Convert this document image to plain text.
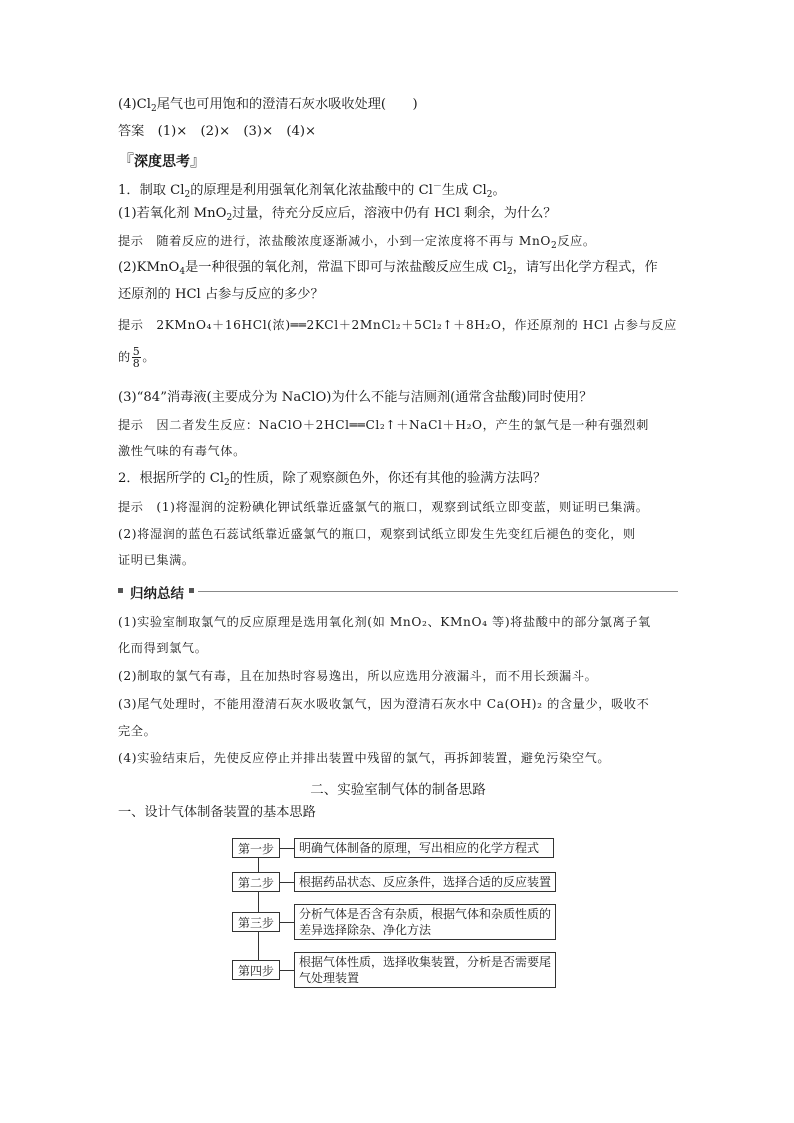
$(4)Cl_2$尾气也可用饱和的澄清石灰水吸收处理(　　)
答案　 (1)×　(2)×　(3)×　(4)×
『深度思考』
1．制取 $Cl_2$的原理是利用强氧化剂氧化浓盐酸中的 Cl－生成 $Cl_2$。
(1)若氧化剂 MnO$_2$过量，待充分反应后，溶液中仍有 HCl 剩余，为什么？
提示　 随着反应的进行，浓盐酸浓度逐渐减小，小到一定浓度将不再与 MnO$_2$反应。
(2)KMnO$_4$是一种很强的氧化剂，常温下即可与浓盐酸反应生成 $Cl_2$，请写出化学方程式，作
还原剂的 HCl 占参与反应的多少？
提示　 2KMnO₄＋16HCl(浓)══2KCl＋2MnCl₂＋5Cl₂↑＋8H₂O，作还原剂的 HCl 占参与反应
的 $\frac{5}{8}$ 。
(3)“84”消毒液(主要成分为 NaClO)为什么不能与洁厕剂(通常含盐酸)同时使用？
提示　 因二者发生反应：NaClO＋2HCl══Cl₂↑＋NaCl＋H₂O，产生的氯气是一种有强烈刺
激性气味的有毒气体。
2．根据所学的 $Cl_2$的性质，除了观察颜色外，你还有其他的验满方法吗？
提示　 (1)将湿润的淀粉碘化钾试纸靠近盛氯气的瓶口，观察到试纸立即变蓝，则证明已集满。
(2)将湿润的蓝色石蕊试纸靠近盛氯气的瓶口，观察到试纸立即发生先变红后褪色的变化，则
证明已集满。
归纳总结
(1)实验室制取氯气的反应原理是选用氧化剂(如 MnO₂、KMnO₄ 等)将盐酸中的部分氯离子氧
化而得到氯气。
(2)制取的氯气有毒，且在加热时容易逸出，所以应选用分液漏斗，而不用长颈漏斗。
(3)尾气处理时，不能用澄清石灰水吸收氯气，因为澄清石灰水中 Ca(OH)₂ 的含量少，吸收不
完全。
(4)实验结束后，先使反应停止并排出装置中残留的氯气，再拆卸装置，避免污染空气。
二、实验室制气体的制备思路
一、设计气体制备装置的基本思路
第一步	明确气体制备的原理，写出相应的化学方程式
第二步	根据药品状态、反应条件，选择合适的反应装置
第三步
分析气体是否含有杂质，根据气体和杂质性质的差异选择除杂、净化方法
第四步
根据气体性质，选择收集装置，分析是否需要尾气处理装置
